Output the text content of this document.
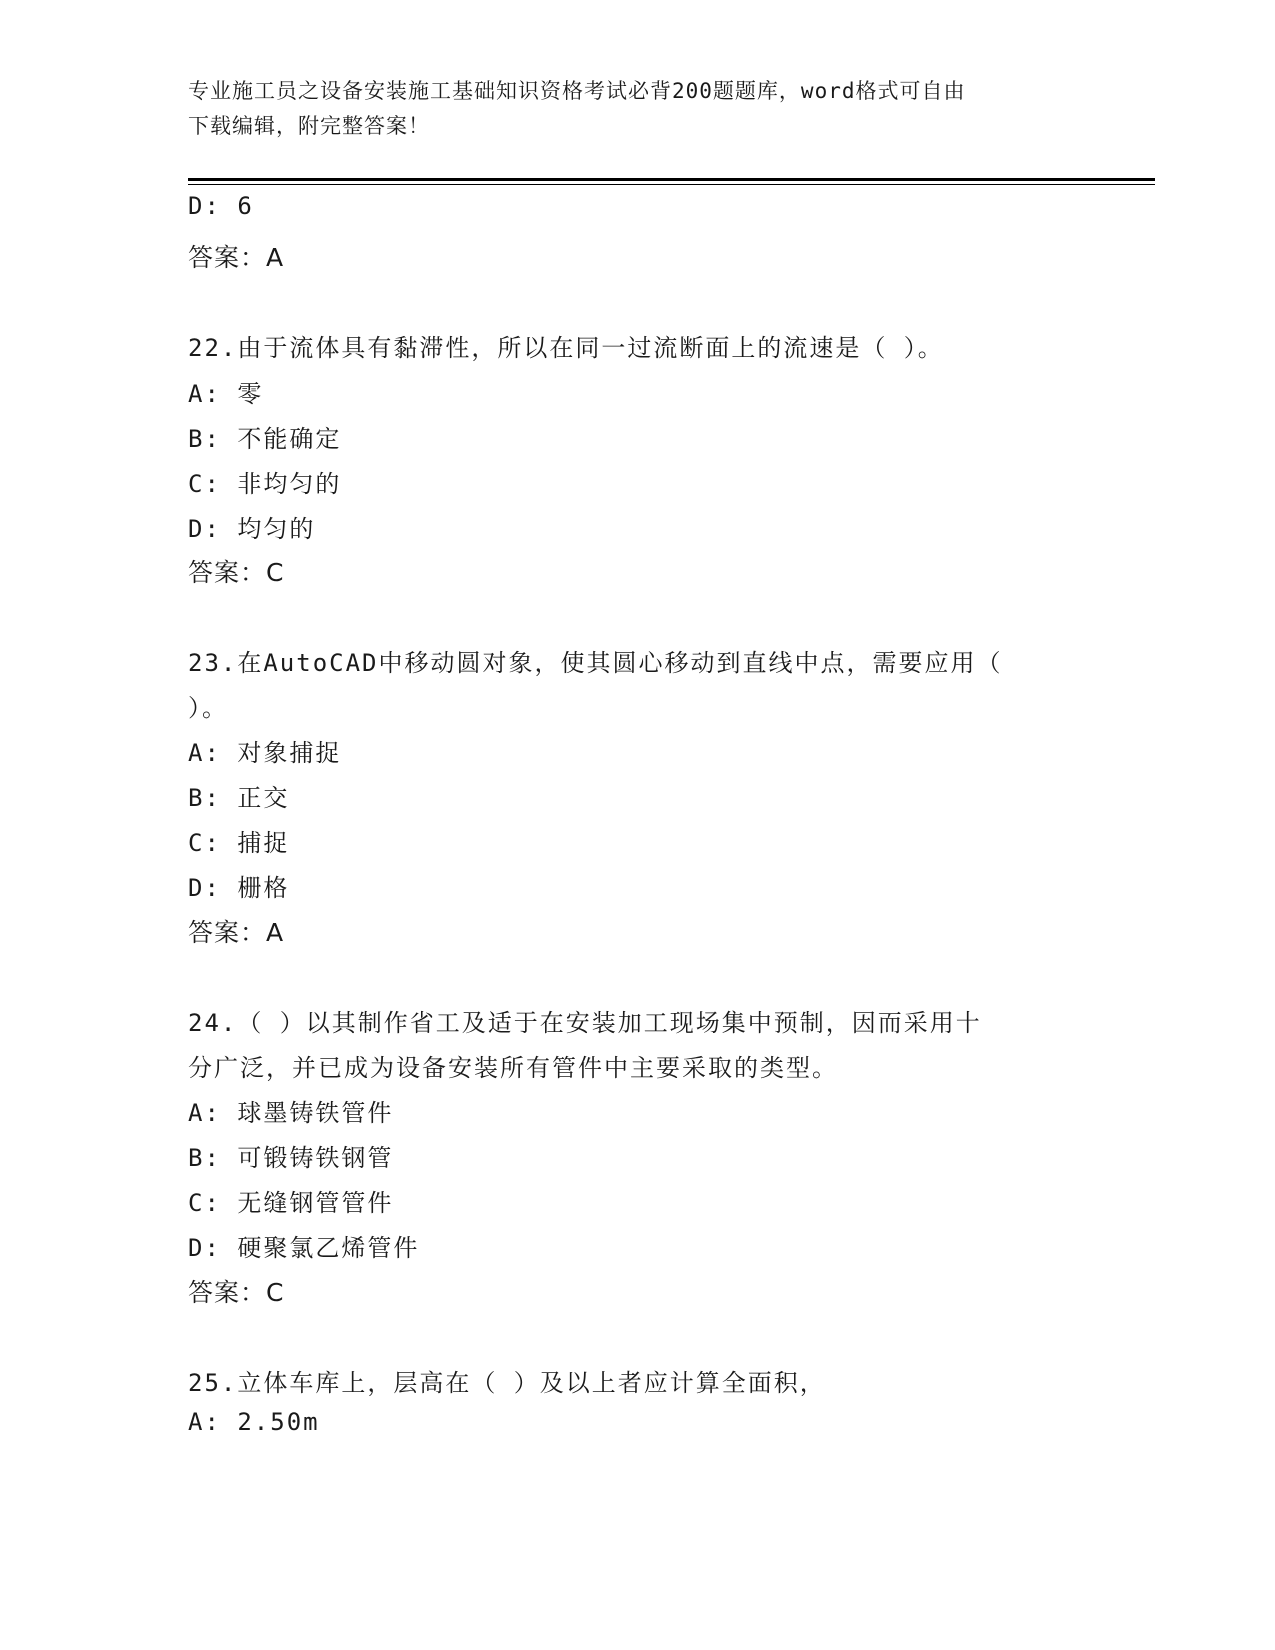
专业施工员之设备安装施工基础知识资格考试必背200题题库，word格式可自由
下载编辑，附完整答案！
D: 6
答案：A
22.由于流体具有黏滞性，所以在同一过流断面上的流速是（ ）。
A: 零
B: 不能确定
C: 非均匀的
D: 均匀的
答案：C
23.在AutoCAD中移动圆对象，使其圆心移动到直线中点，需要应用（
）。
A: 对象捕捉
B: 正交
C: 捕捉
D: 栅格
答案：A
24.（ ）以其制作省工及适于在安装加工现场集中预制，因而采用十
分广泛，并已成为设备安装所有管件中主要采取的类型。
A: 球墨铸铁管件
B: 可锻铸铁钢管
C: 无缝钢管管件
D: 硬聚氯乙烯管件
答案：C
25.立体车库上，层高在（ ）及以上者应计算全面积，
A: 2.50m
